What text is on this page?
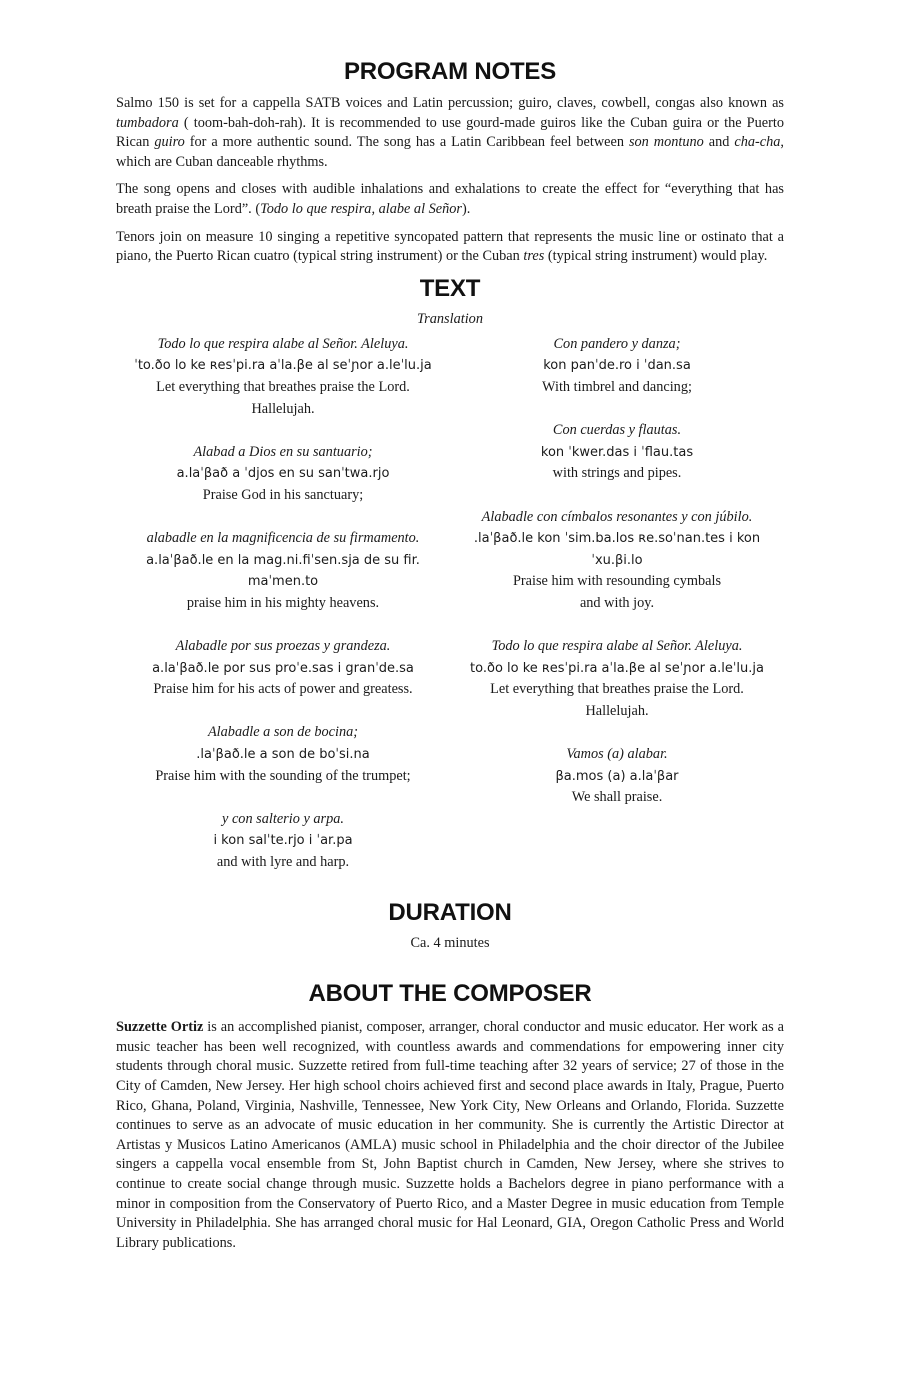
PROGRAM NOTES

Salmo 150 is set for a cappella SATB voices and Latin percussion; guiro, claves, cowbell, congas also known as tumbadora ( toom-bah-doh-rah). It is recommended to use gourd-made guiros like the Cuban guira or the Puerto Rican guiro for a more authentic sound. The song has a Latin Caribbean feel between son montuno and cha-cha, which are Cuban danceable rhythms.

The song opens and closes with audible inhalations and exhalations to create the effect for “everything that has breath praise the Lord”. (Todo lo que respira, alabe al Señor).

Tenors join on measure 10 singing a repetitive syncopated pattern that represents the music line or ostinato that a piano, the Puerto Rican cuatro (typical string instrument) or the Cuban tres (typical string instrument) would play.

TEXT
Translation
Todo lo que respira alabe al Señor. Aleluya.
ˈto.ðo lo ke ʀesˈpi.ra aˈla.βe al seˈɲor a.leˈlu.ja
Let everything that breathes praise the Lord.
Hallelujah.
Alabad a Dios en su santuario;
a.laˈβað a ˈdjos en su sanˈtwa.rjo
Praise God in his sanctuary;
alabadle en la magnificencia de su firmamento.
a.laˈβað.le en la mag.ni.fiˈsen.sja de su fir.
maˈmen.to
praise him in his mighty heavens.
Alabadle por sus proezas y grandeza.
a.laˈβað.le por sus proˈe.sas i granˈde.sa
Praise him for his acts of power and greatess.
Alabadle a son de bocina;
.laˈβað.le a son de boˈsi.na
Praise him with the sounding of the trumpet;
y con salterio y arpa.
i kon salˈte.rjo i ˈar.pa
and with lyre and harp.
Con pandero y danza;
kon panˈde.ro i ˈdan.sa
With timbrel and dancing;
Con cuerdas y flautas.
kon ˈkwer.das i ˈflau.tas
with strings and pipes.
Alabadle con címbalos resonantes y con júbilo.
.laˈβað.le kon ˈsim.ba.los ʀe.soˈnan.tes i kon
ˈxu.βi.lo
Praise him with resounding cymbals
and with joy.
Todo lo que respira alabe al Señor. Aleluya.
to.ðo lo ke ʀesˈpi.ra aˈla.βe al seˈɲor a.leˈlu.ja
Let everything that breathes praise the Lord.
Hallelujah.
Vamos (a) alabar.
βa.mos (a) a.laˈβar
We shall praise.
DURATION
Ca. 4 minutes
ABOUT THE COMPOSER

Suzzette Ortiz is an accomplished pianist, composer, arranger, choral conductor and music educator. Her work as a music teacher has been well recognized, with countless awards and commendations for empowering inner city students through choral music. Suzzette retired from full-time teaching after 32 years of service; 27 of those in the City of Camden, New Jersey. Her high school choirs achieved first and second place awards in Italy, Prague, Puerto Rico, Ghana, Poland, Virginia, Nashville, Tennessee, New York City, New Orleans and Orlando, Florida. Suzzette continues to serve as an advocate of music education in her community. She is currently the Artistic Director at Artistas y Musicos Latino Americanos (AMLA) music school in Philadelphia and the choir director of the Jubilee singers a cappella vocal ensemble from St, John Baptist church in Camden, New Jersey, where she strives to continue to create social change through music. Suzzette holds a Bachelors degree in piano performance with a minor in composition from the Conservatory of Puerto Rico, and a Master Degree in music education from Temple University in Philadelphia. She has arranged choral music for Hal Leonard, GIA, Oregon Catholic Press and World Library publications.
